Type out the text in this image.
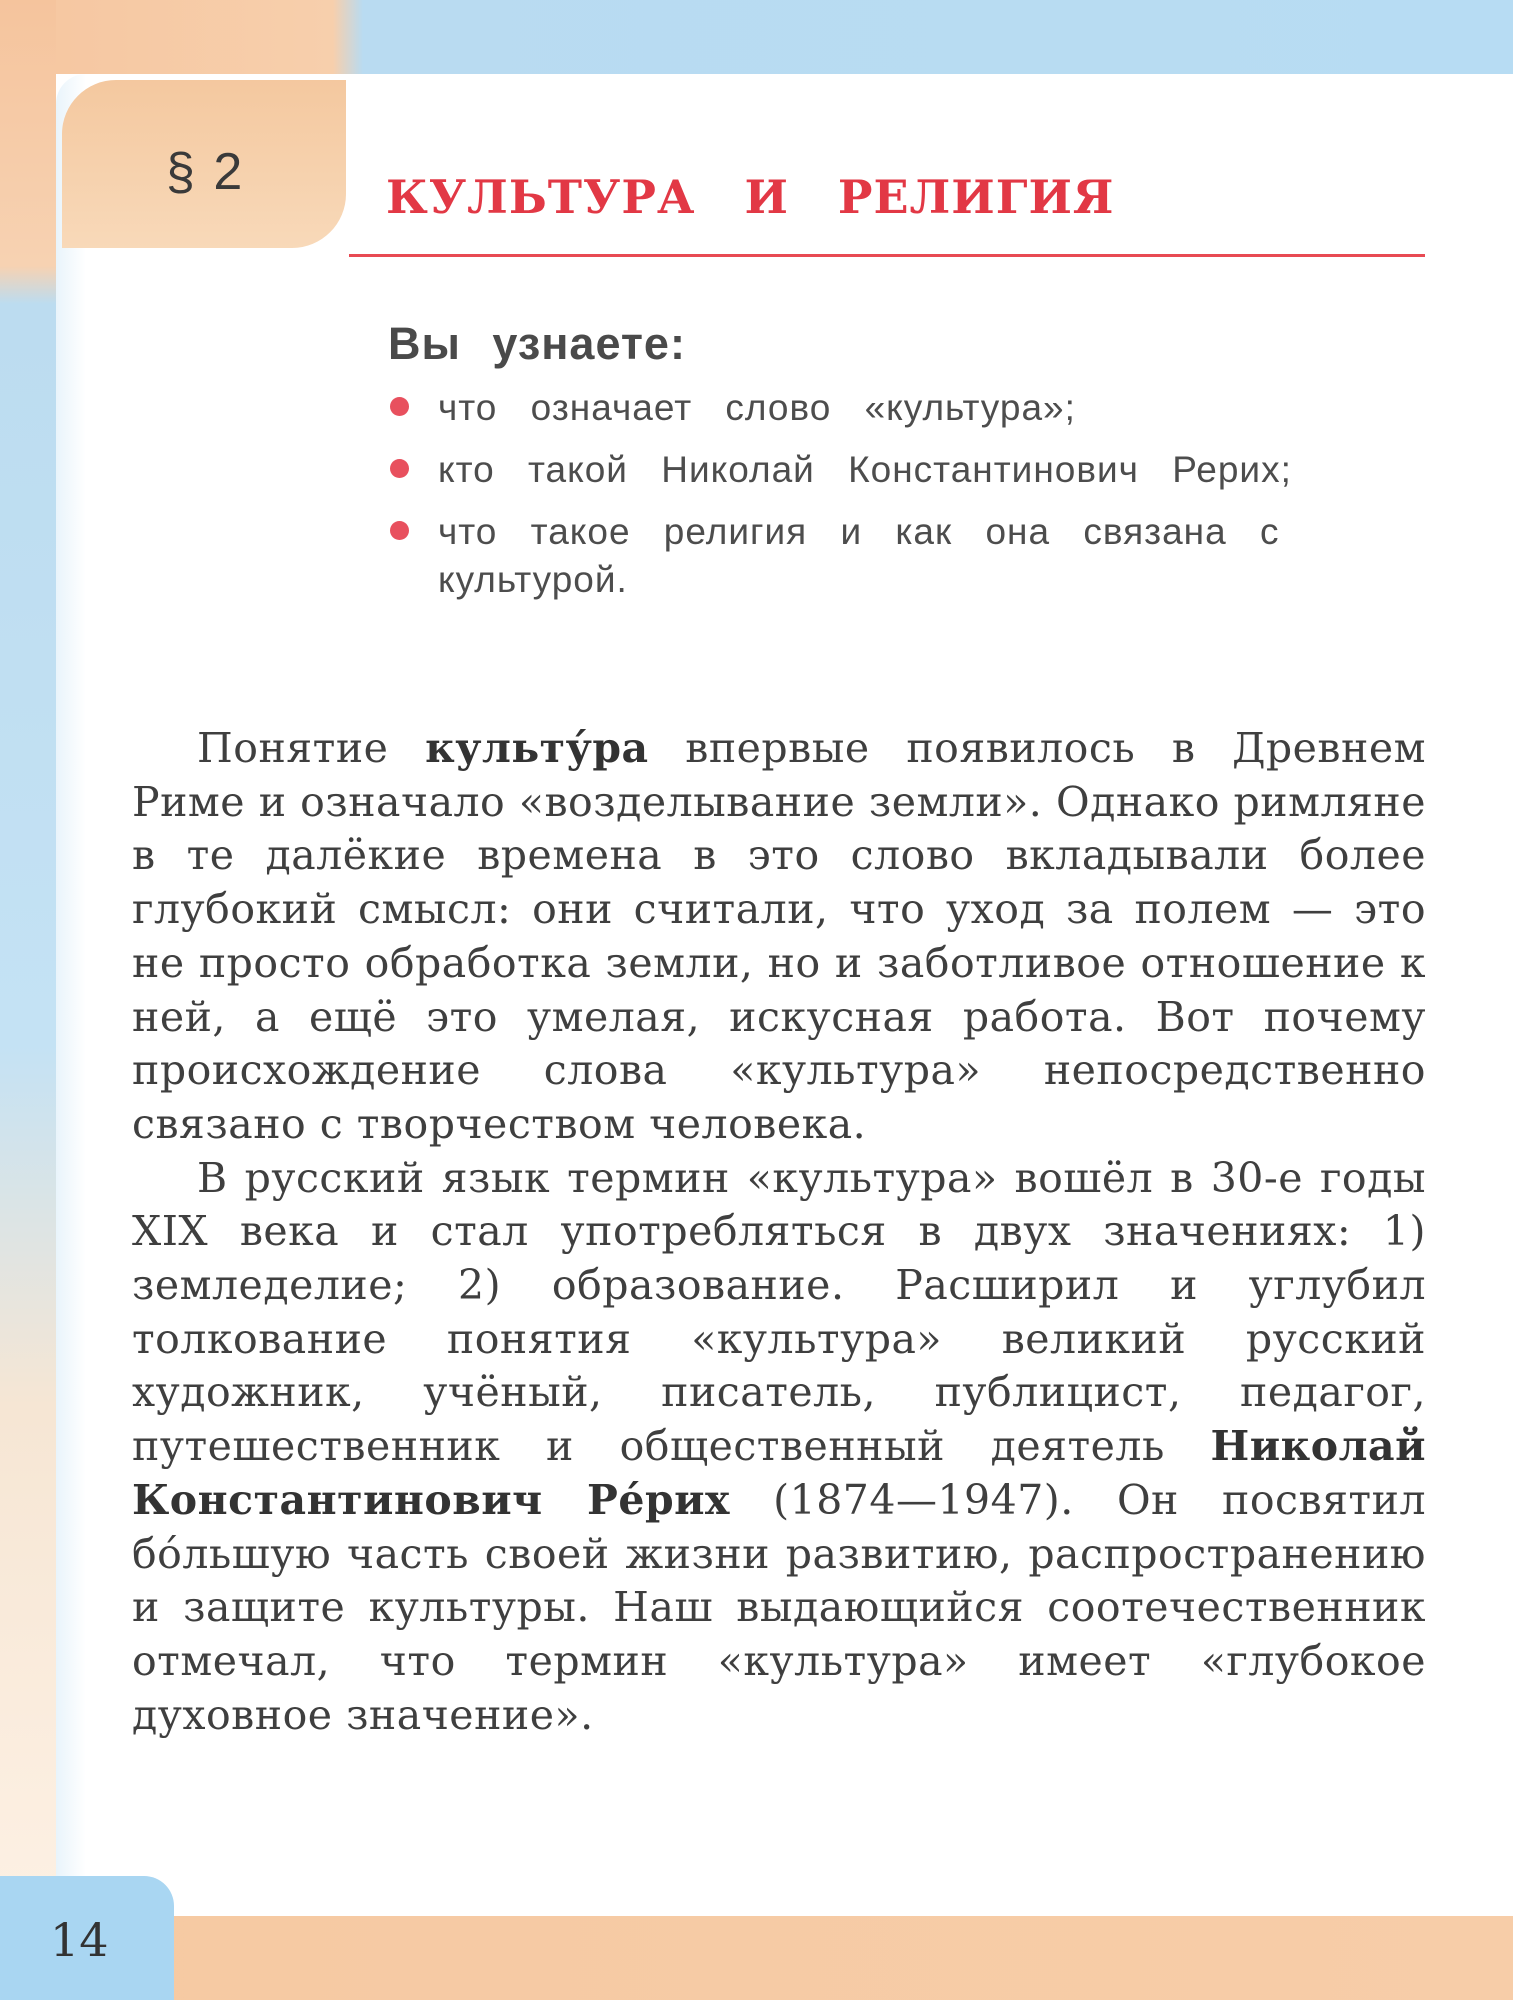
§ 2	КУЛЬТУРА И РЕЛИГИЯ
Вы узнаете:
что означает слово «культура»;
кто такой Николай Константинович Рерих;
что такое религия и как она связана с культурой.

Понятие культу́ра впервые появилось в Древнем Риме и означало «возделывание земли». Однако римляне в те далёкие времена в это слово вкладывали более глубокий смысл: они считали, что уход за полем — это не просто обработка земли, но и заботливое отношение к ней, а ещё это умелая, искусная работа. Вот почему происхождение слова «культура» непосредственно связано с творчеством человека.

В русский язык термин «культура» вошёл в 30-е годы XIX века и стал употребляться в двух значениях: 1) земледелие; 2) образование. Расширил и углубил толкование понятия «культура» великий русский художник, учёный, писатель, публицист, педагог, путешественник и общественный деятель Николай Константинович Ре́рих (1874—1947). Он посвятил бо́льшую часть своей жизни развитию, распространению и защите культуры. Наш выдающийся соотечественник отмечал, что термин «культура» имеет «глубокое духовное значение».

14
